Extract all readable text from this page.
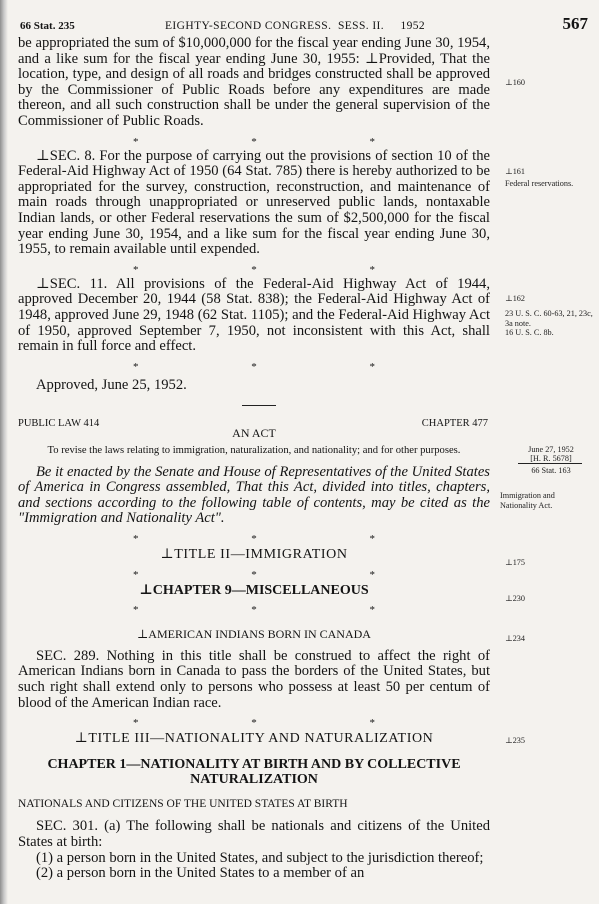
66 Stat. 235	EIGHTY-SECOND CONGRESS. SESS. II. 1952	567

be appropriated the sum of $10,000,000 for the fiscal year ending June 30, 1954, and a like sum for the fiscal year ending June 30, 1955: ⊥Provided, That the location, type, and design of all roads and bridges constructed shall be approved by the Commissioner of Public Roads before any expenditures are made thereon, and all such construction shall be under the general supervision of the Commissioner of Public Roads.

* * *

⊥SEC. 8. For the purpose of carrying out the provisions of section 10 of the Federal-Aid Highway Act of 1950 (64 Stat. 785) there is hereby authorized to be appropriated for the survey, construction, reconstruction, and maintenance of main roads through unappropriated or unreserved public lands, nontaxable Indian lands, or other Federal reservations the sum of $2,500,000 for the fiscal year ending June 30, 1954, and a like sum for the fiscal year ending June 30, 1955, to remain available until expended.

* * *

⊥SEC. 11. All provisions of the Federal-Aid Highway Act of 1944, approved December 20, 1944 (58 Stat. 838); the Federal-Aid Highway Act of 1948, approved June 29, 1948 (62 Stat. 1105); and the Federal-Aid Highway Act of 1950, approved September 7, 1950, not inconsistent with this Act, shall remain in full force and effect.

* * *

Approved, June 25, 1952.

PUBLIC LAW 414	CHAPTER 477

AN ACT

To revise the laws relating to immigration, naturalization, and nationality; and for other purposes.

Be it enacted by the Senate and House of Representatives of the United States of America in Congress assembled, That this Act, divided into titles, chapters, and sections according to the following table of contents, may be cited as the "Immigration and Nationality Act".

* * *

⊥TITLE II—IMMIGRATION

* * *

⊥CHAPTER 9—MISCELLANEOUS

* * *

⊥AMERICAN INDIANS BORN IN CANADA

SEC. 289. Nothing in this title shall be construed to affect the right of American Indians born in Canada to pass the borders of the United States, but such right shall extend only to persons who possess at least 50 per centum of blood of the American Indian race.

* * *

⊥TITLE III—NATIONALITY AND NATURALIZATION

CHAPTER 1—NATIONALITY AT BIRTH AND BY COLLECTIVE NATURALIZATION

NATIONALS AND CITIZENS OF THE UNITED STATES AT BIRTH

SEC. 301. (a) The following shall be nationals and citizens of the United States at birth:

(1) a person born in the United States, and subject to the jurisdiction thereof;

(2) a person born in the United States to a member of an

⊥160
⊥161
Federal reservations.
⊥162
23 U. S. C. 60-63, 21, 23c, 3a note.
16 U. S. C. 8b.
June 27, 1952
[H. R. 5678]
66 Stat. 163
Immigration and Nationality Act.
⊥175
⊥230
⊥234
⊥235
